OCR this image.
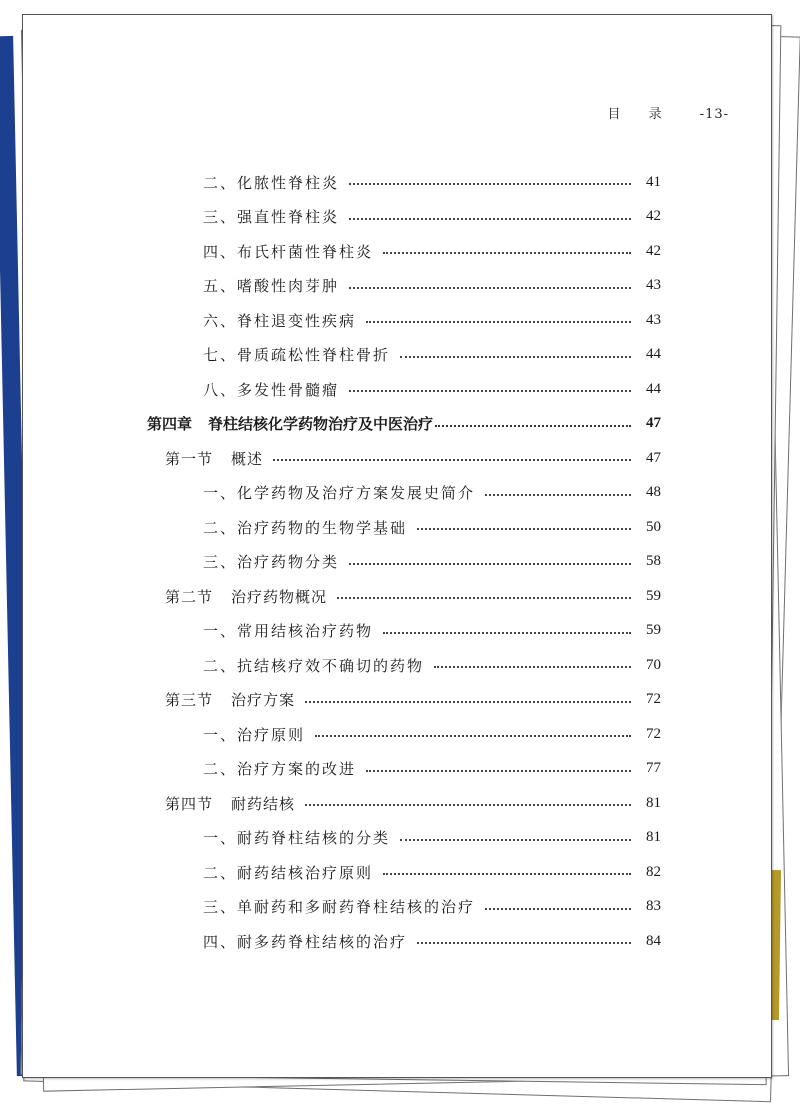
目 录 -13-
二、化脓性脊柱炎	41
三、强直性脊柱炎	42
四、布氏杆菌性脊柱炎	42
五、嗜酸性肉芽肿	43
六、脊柱退变性疾病	43
七、骨质疏松性脊柱骨折	44
八、多发性骨髓瘤	44
第四章 脊柱结核化学药物治疗及中医治疗	47
第一节 概述	47
一、化学药物及治疗方案发展史简介	48
二、治疗药物的生物学基础	50
三、治疗药物分类	58
第二节 治疗药物概况	59
一、常用结核治疗药物	59
二、抗结核疗效不确切的药物	70
第三节 治疗方案	72
一、治疗原则	72
二、治疗方案的改进	77
第四节 耐药结核	81
一、耐药脊柱结核的分类	81
二、耐药结核治疗原则	82
三、单耐药和多耐药脊柱结核的治疗	83
四、耐多药脊柱结核的治疗	84
